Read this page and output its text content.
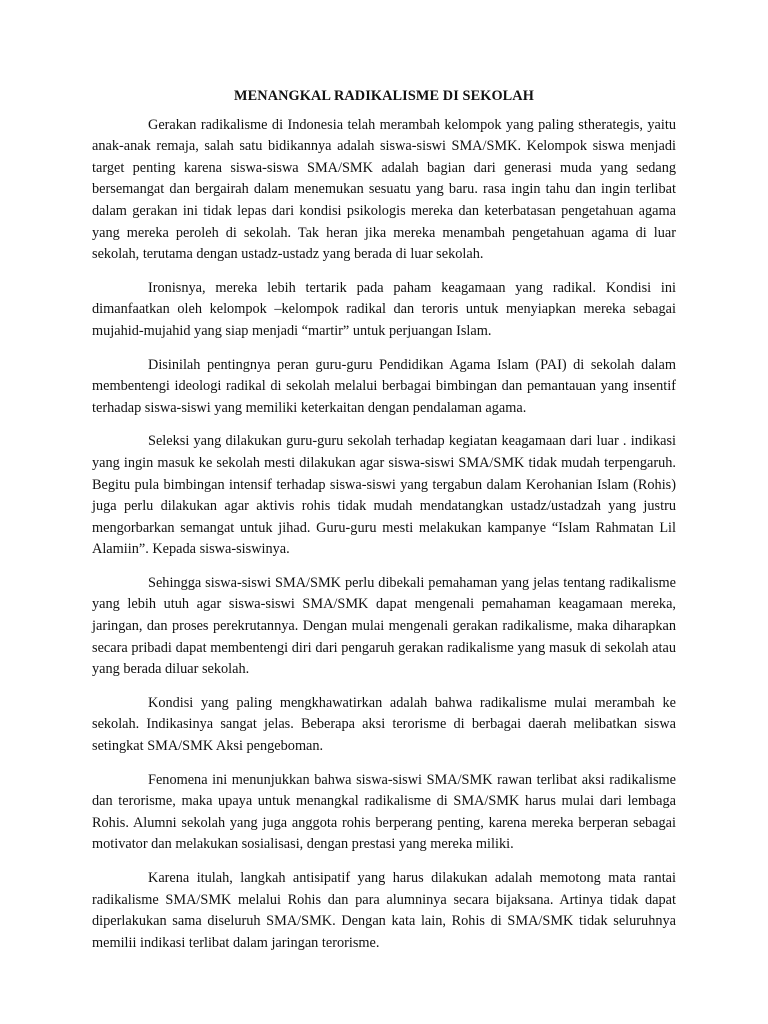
MENANGKAL RADIKALISME DI SEKOLAH

Gerakan radikalisme di Indonesia telah merambah kelompok yang paling stherategis, yaitu anak-anak remaja, salah satu bidikannya adalah siswa-siswi SMA/SMK. Kelompok siswa menjadi target penting karena siswa-siswa SMA/SMK adalah bagian dari generasi muda yang sedang bersemangat dan bergairah dalam menemukan sesuatu yang baru. rasa ingin tahu dan ingin terlibat dalam gerakan ini tidak lepas dari kondisi psikologis mereka dan keterbatasan pengetahuan agama yang mereka peroleh di sekolah. Tak heran jika mereka menambah pengetahuan agama di luar sekolah, terutama dengan ustadz-ustadz yang berada di luar sekolah.

Ironisnya, mereka lebih tertarik pada paham keagamaan yang radikal. Kondisi ini dimanfaatkan oleh kelompok –kelompok radikal dan teroris untuk menyiapkan mereka sebagai mujahid-mujahid yang siap menjadi “martir” untuk perjuangan Islam.

Disinilah pentingnya peran guru-guru Pendidikan Agama Islam (PAI) di sekolah dalam membentengi ideologi radikal di sekolah melalui berbagai bimbingan dan pemantauan yang insentif terhadap siswa-siswi yang memiliki keterkaitan dengan pendalaman agama.

Seleksi yang dilakukan guru-guru sekolah terhadap kegiatan keagamaan dari luar . indikasi yang ingin masuk ke sekolah mesti dilakukan agar siswa-siswi SMA/SMK tidak mudah terpengaruh. Begitu pula bimbingan intensif terhadap siswa-siswi yang tergabun dalam Kerohanian Islam (Rohis) juga perlu dilakukan agar aktivis rohis tidak mudah mendatangkan ustadz/ustadzah yang justru mengorbarkan semangat untuk jihad. Guru-guru mesti melakukan kampanye “Islam Rahmatan Lil Alamiin”. Kepada siswa-siswinya.

Sehingga siswa-siswi SMA/SMK perlu dibekali pemahaman yang jelas tentang radikalisme yang lebih utuh agar siswa-siswi SMA/SMK dapat mengenali pemahaman keagamaan mereka, jaringan, dan proses perekrutannya. Dengan mulai mengenali gerakan radikalisme, maka diharapkan secara pribadi dapat membentengi diri dari pengaruh gerakan radikalisme yang masuk di sekolah atau yang berada diluar sekolah.

Kondisi yang paling mengkhawatirkan adalah bahwa radikalisme mulai merambah ke sekolah. Indikasinya sangat jelas. Beberapa aksi terorisme di berbagai daerah melibatkan siswa setingkat SMA/SMK Aksi pengeboman.

Fenomena ini menunjukkan bahwa siswa-siswi SMA/SMK rawan terlibat aksi radikalisme dan terorisme, maka upaya untuk menangkal radikalisme di SMA/SMK harus mulai dari lembaga Rohis. Alumni sekolah yang juga anggota rohis berperang penting, karena mereka berperan sebagai motivator dan melakukan sosialisasi, dengan prestasi yang mereka miliki.

Karena itulah, langkah antisipatif yang harus dilakukan adalah memotong mata rantai radikalisme SMA/SMK melalui Rohis dan para alumninya secara bijaksana. Artinya tidak dapat diperlakukan sama diseluruh SMA/SMK. Dengan kata lain, Rohis di SMA/SMK tidak seluruhnya memilii indikasi terlibat dalam jaringan terorisme.
